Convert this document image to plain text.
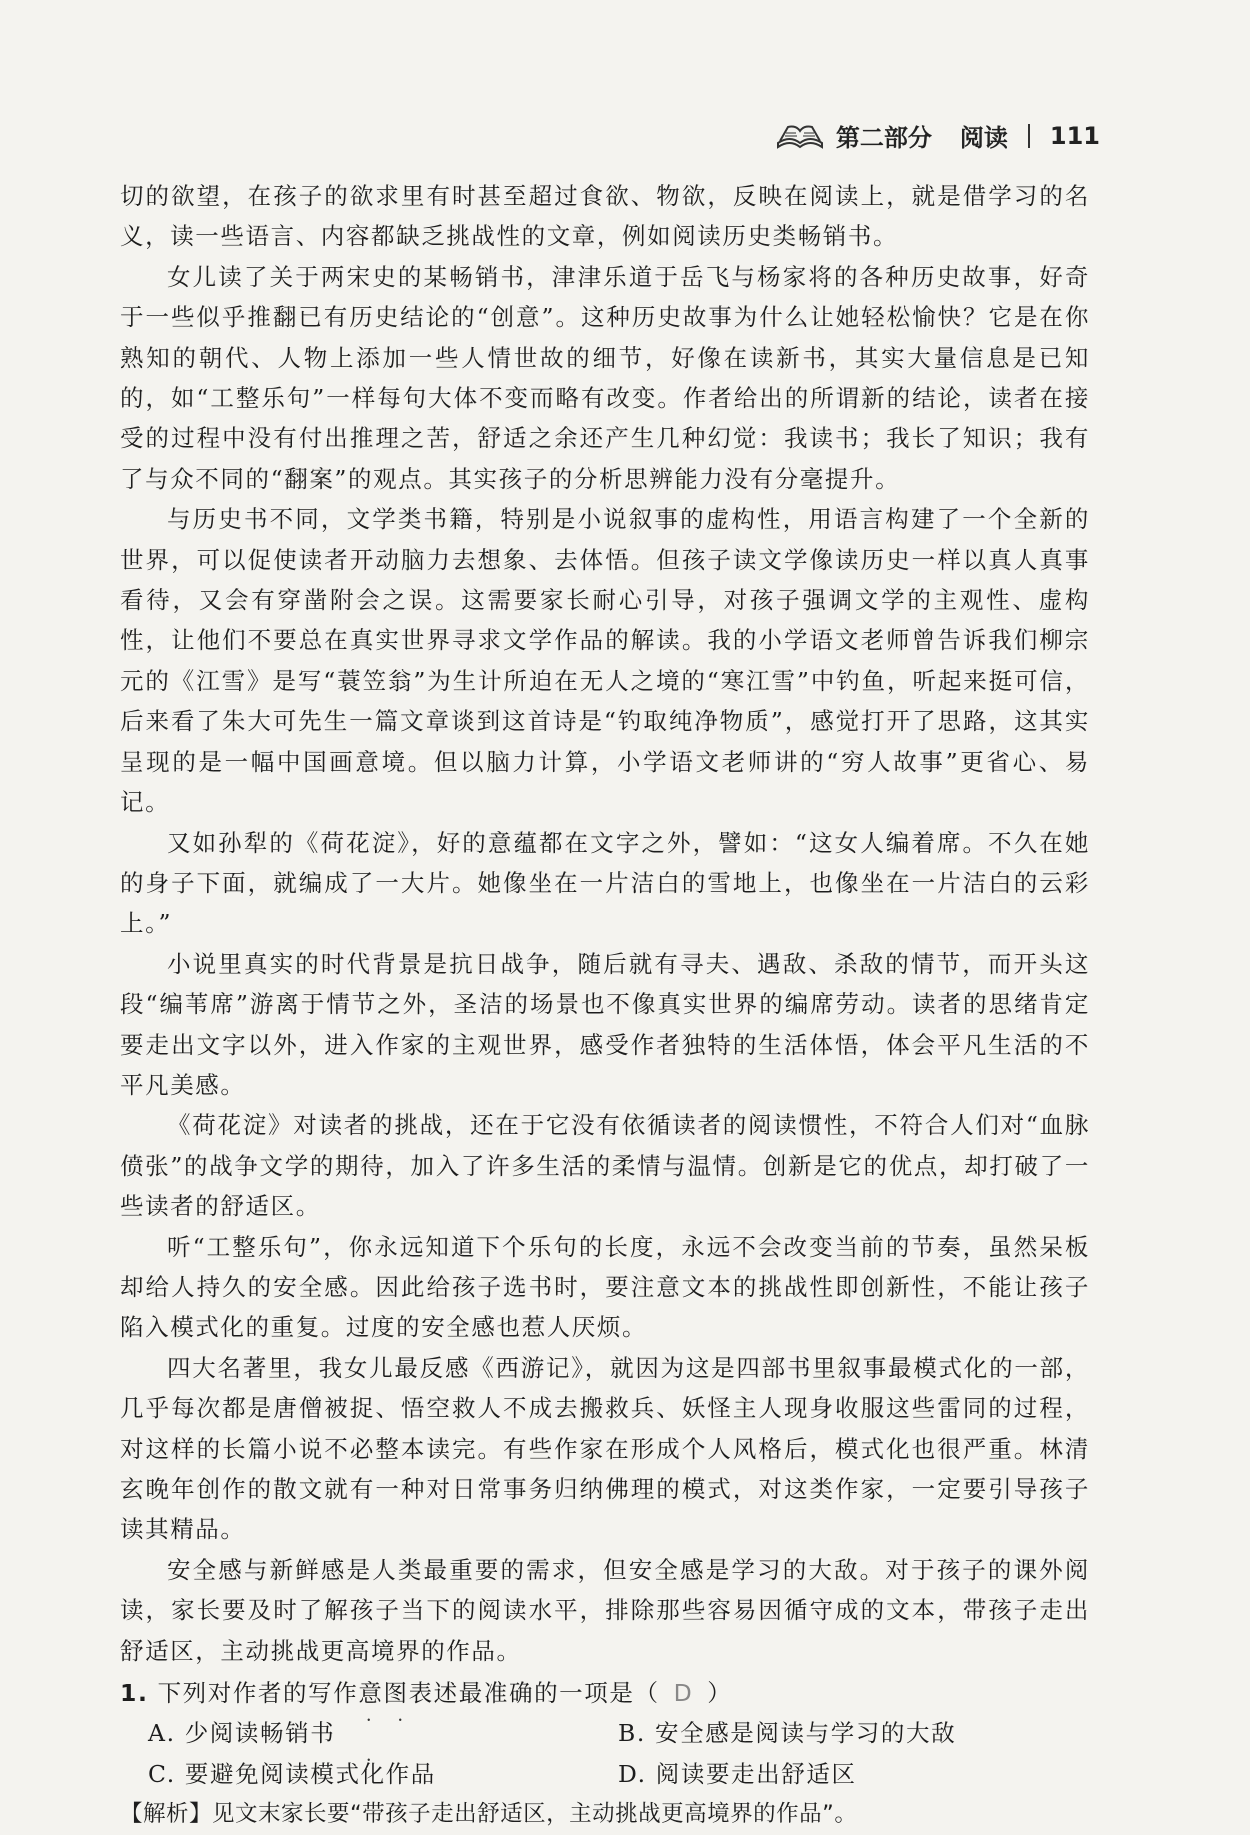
第二部分 阅读 111

切的欲望，在孩子的欲求里有时甚至超过食欲、物欲，反映在阅读上，就是借学习的名义，读一些语言、内容都缺乏挑战性的文章，例如阅读历史类畅销书。

女儿读了关于两宋史的某畅销书，津津乐道于岳飞与杨家将的各种历史故事，好奇于一些似乎推翻已有历史结论的“创意”。这种历史故事为什么让她轻松愉快？它是在你熟知的朝代、人物上添加一些人情世故的细节，好像在读新书，其实大量信息是已知的，如“工整乐句”一样每句大体不变而略有改变。作者给出的所谓新的结论，读者在接受的过程中没有付出推理之苦，舒适之余还产生几种幻觉：我读书；我长了知识；我有了与众不同的“翻案”的观点。其实孩子的分析思辨能力没有分毫提升。

与历史书不同，文学类书籍，特别是小说叙事的虚构性，用语言构建了一个全新的世界，可以促使读者开动脑力去想象、去体悟。但孩子读文学像读历史一样以真人真事看待，又会有穿凿附会之误。这需要家长耐心引导，对孩子强调文学的主观性、虚构性，让他们不要总在真实世界寻求文学作品的解读。我的小学语文老师曾告诉我们柳宗元的《江雪》是写“蓑笠翁”为生计所迫在无人之境的“寒江雪”中钓鱼，听起来挺可信，后来看了朱大可先生一篇文章谈到这首诗是“钓取纯净物质”，感觉打开了思路，这其实呈现的是一幅中国画意境。但以脑力计算，小学语文老师讲的“穷人故事”更省心、易记。

又如孙犁的《荷花淀》，好的意蕴都在文字之外，譬如：“这女人编着席。不久在她的身子下面，就编成了一大片。她像坐在一片洁白的雪地上，也像坐在一片洁白的云彩上。”

小说里真实的时代背景是抗日战争，随后就有寻夫、遇敌、杀敌的情节，而开头这段“编苇席”游离于情节之外，圣洁的场景也不像真实世界的编席劳动。读者的思绪肯定要走出文字以外，进入作家的主观世界，感受作者独特的生活体悟，体会平凡生活的不平凡美感。

《荷花淀》对读者的挑战，还在于它没有依循读者的阅读惯性，不符合人们对“血脉偾张”的战争文学的期待，加入了许多生活的柔情与温情。创新是它的优点，却打破了一些读者的舒适区。

听“工整乐句”，你永远知道下个乐句的长度，永远不会改变当前的节奏，虽然呆板却给人持久的安全感。因此给孩子选书时，要注意文本的挑战性即创新性，不能让孩子陷入模式化的重复。过度的安全感也惹人厌烦。

四大名著里，我女儿最反感《西游记》，就因为这是四部书里叙事最模式化的一部，几乎每次都是唐僧被捉、悟空救人不成去搬救兵、妖怪主人现身收服这些雷同的过程，对这样的长篇小说不必整本读完。有些作家在形成个人风格后，模式化也很严重。林清玄晚年创作的散文就有一种对日常事务归纳佛理的模式，对这类作家，一定要引导孩子读其精品。

安全感与新鲜感是人类最重要的需求，但安全感是学习的大敌。对于孩子的课外阅读，家长要及时了解孩子当下的阅读水平，排除那些容易因循守成的文本，带孩子走出舒适区，主动挑战更高境界的作品。

1. 下列对作者的写作意图 • • •表述最准确的一项是（ D ）

A. 少阅读畅销书	B. 安全感是阅读与学习的大敌
C. 要避免阅读模式化作品	D. 阅读要走出舒适区

【解析】见文末家长要“带孩子走出舒适区，主动挑战更高境界的作品”。
